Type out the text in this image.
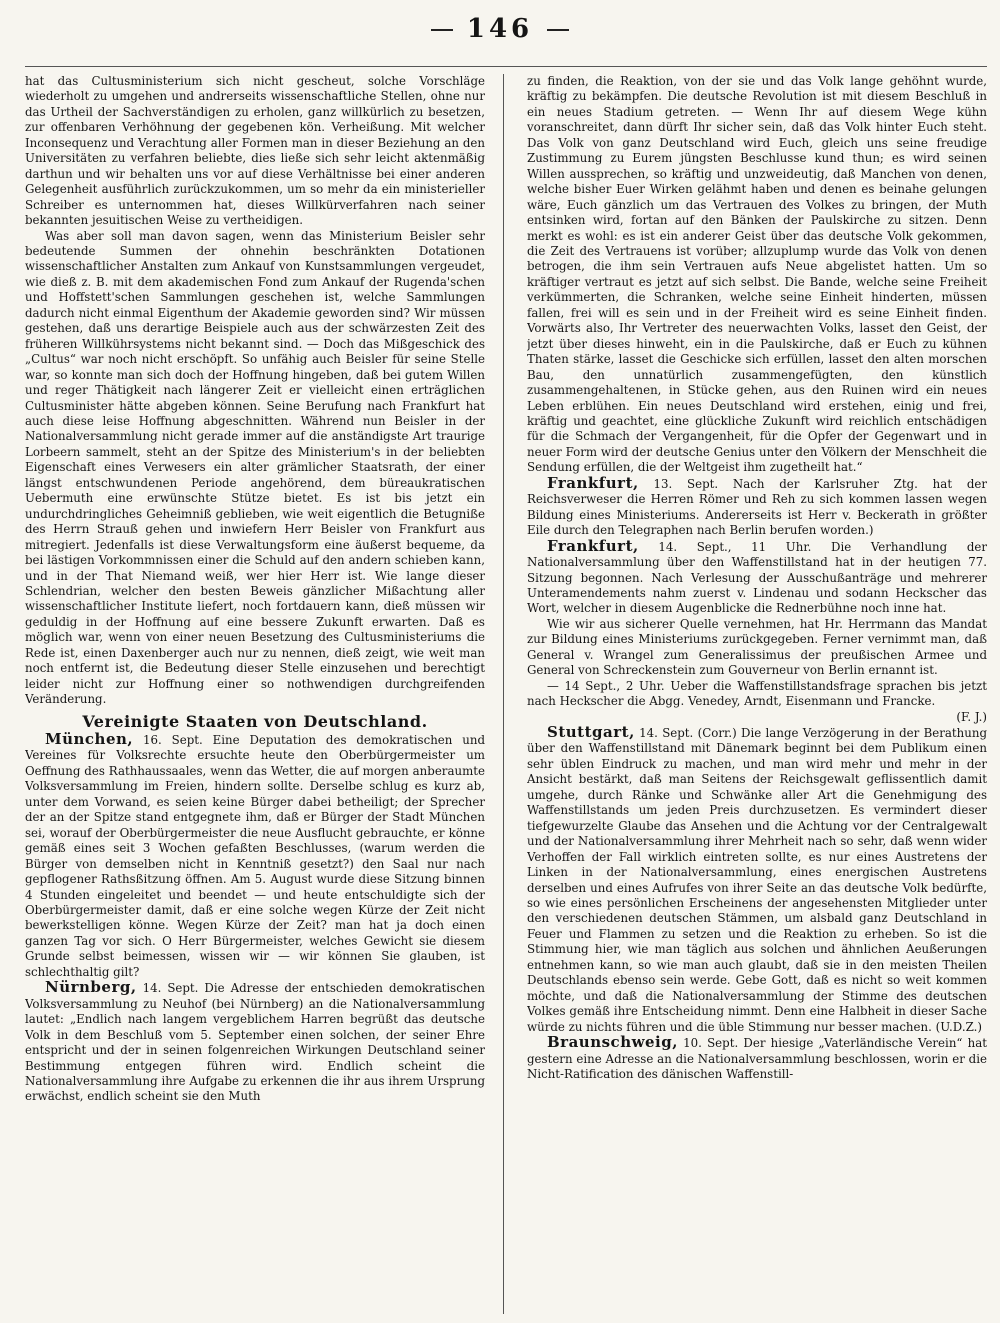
146

hat das Cultusministerium sich nicht gescheut, solche Vorschläge wiederholt zu umgehen und andrerseits wissenschaftliche Stellen, ohne nur das Urtheil der Sachverständigen zu erholen, ganz willkürlich zu besetzen, zur offenbaren Verhöhnung der gegebenen kön. Verheißung. Mit welcher Inconsequenz und Verachtung aller Formen man in dieser Beziehung an den Universitäten zu verfahren beliebte, dies ließe sich sehr leicht aktenmäßig darthun und wir behalten uns vor auf diese Verhältnisse bei einer anderen Gelegenheit ausführlich zurückzukommen, um so mehr da ein ministerieller Schreiber es unternommen hat, dieses Willkürverfahren nach seiner bekannten jesuitischen Weise zu vertheidigen.

Was aber soll man davon sagen, wenn das Ministerium Beisler sehr bedeutende Summen der ohnehin beschränkten Dotationen wissenschaftlicher Anstalten zum Ankauf von Kunstsammlungen vergeudet, wie dieß z. B. mit dem akademischen Fond zum Ankauf der Rugenda'schen und Hoffstett'schen Sammlungen geschehen ist, welche Sammlungen dadurch nicht einmal Eigenthum der Akademie geworden sind? Wir müssen gestehen, daß uns derartige Beispiele auch aus der schwärzesten Zeit des früheren Willkührsystems nicht bekannt sind. — Doch das Mißgeschick des „Cultus“ war noch nicht erschöpft. So unfähig auch Beisler für seine Stelle war, so konnte man sich doch der Hoffnung hingeben, daß bei gutem Willen und reger Thätigkeit nach längerer Zeit er vielleicht einen erträglichen Cultusminister hätte abgeben können. Seine Berufung nach Frankfurt hat auch diese leise Hoffnung abgeschnitten. Während nun Beisler in der Nationalversammlung nicht gerade immer auf die anständigste Art traurige Lorbeern sammelt, steht an der Spitze des Ministerium's in der beliebten Eigenschaft eines Verwesers ein alter grämlicher Staatsrath, der einer längst entschwundenen Periode angehörend, dem büreaukratischen Uebermuth eine erwünschte Stütze bietet. Es ist bis jetzt ein undurchdringliches Geheimniß geblieben, wie weit eigentlich die Betugniße des Herrn Strauß gehen und inwiefern Herr Beisler von Frankfurt aus mitregiert. Jedenfalls ist diese Verwaltungsform eine äußerst bequeme, da bei lästigen Vorkommnissen einer die Schuld auf den andern schieben kann, und in der That Niemand weiß, wer hier Herr ist. Wie lange dieser Schlendrian, welcher den besten Beweis gänzlicher Mißachtung aller wissenschaftlicher Institute liefert, noch fortdauern kann, dieß müssen wir geduldig in der Hoffnung auf eine bessere Zukunft erwarten. Daß es möglich war, wenn von einer neuen Besetzung des Cultusministeriums die Rede ist, einen Daxenberger auch nur zu nennen, dieß zeigt, wie weit man noch entfernt ist, die Bedeutung dieser Stelle einzusehen und berechtigt leider nicht zur Hoffnung einer so nothwendigen durchgreifenden Veränderung.

Vereinigte Staaten von Deutschland.

München, 16. Sept. Eine Deputation des demokratischen und Vereines für Volksrechte ersuchte heute den Oberbürgermeister um Oeffnung des Rathhaussaales, wenn das Wetter, die auf morgen anberaumte Volksversammlung im Freien, hindern sollte. Derselbe schlug es kurz ab, unter dem Vorwand, es seien keine Bürger dabei betheiligt; der Sprecher der an der Spitze stand entgegnete ihm, daß er Bürger der Stadt München sei, worauf der Oberbürgermeister die neue Ausflucht gebrauchte, er könne gemäß eines seit 3 Wochen gefaßten Beschlusses, (warum werden die Bürger von demselben nicht in Kenntniß gesetzt?) den Saal nur nach gepflogener Rathsßitzung öffnen. Am 5. August wurde diese Sitzung binnen 4 Stunden eingeleitet und beendet — und heute entschuldigte sich der Oberbürgermeister damit, daß er eine solche wegen Kürze der Zeit nicht bewerkstelligen könne. Wegen Kürze der Zeit? man hat ja doch einen ganzen Tag vor sich. O Herr Bürgermeister, welches Gewicht sie diesem Grunde selbst beimessen, wissen wir — wir können Sie glauben, ist schlechthaltig gilt?

Nürnberg, 14. Sept. Die Adresse der entschieden demokratischen Volksversammlung zu Neuhof (bei Nürnberg) an die Nationalversammlung lautet: „Endlich nach langem vergeblichem Harren begrüßt das deutsche Volk in dem Beschluß vom 5. September einen solchen, der seiner Ehre entspricht und der in seinen folgenreichen Wirkungen Deutschland seiner Bestimmung entgegen führen wird. Endlich scheint die Nationalversammlung ihre Aufgabe zu erkennen die ihr aus ihrem Ursprung erwächst, endlich scheint sie den Muth

zu finden, die Reaktion, von der sie und das Volk lange gehöhnt wurde, kräftig zu bekämpfen. Die deutsche Revolution ist mit diesem Beschluß in ein neues Stadium getreten. — Wenn Ihr auf diesem Wege kühn voranschreitet, dann dürft Ihr sicher sein, daß das Volk hinter Euch steht. Das Volk von ganz Deutschland wird Euch, gleich uns seine freudige Zustimmung zu Eurem jüngsten Beschlusse kund thun; es wird seinen Willen aussprechen, so kräftig und unzweideutig, daß Manchen von denen, welche bisher Euer Wirken gelähmt haben und denen es beinahe gelungen wäre, Euch gänzlich um das Vertrauen des Volkes zu bringen, der Muth entsinken wird, fortan auf den Bänken der Paulskirche zu sitzen. Denn merkt es wohl: es ist ein anderer Geist über das deutsche Volk gekommen, die Zeit des Vertrauens ist vorüber; allzuplump wurde das Volk von denen betrogen, die ihm sein Vertrauen aufs Neue abgelistet hatten. Um so kräftiger vertraut es jetzt auf sich selbst. Die Bande, welche seine Freiheit verkümmerten, die Schranken, welche seine Einheit hinderten, müssen fallen, frei will es sein und in der Freiheit wird es seine Einheit finden. Vorwärts also, Ihr Vertreter des neuerwachten Volks, lasset den Geist, der jetzt über dieses hinweht, ein in die Paulskirche, daß er Euch zu kühnen Thaten stärke, lasset die Geschicke sich erfüllen, lasset den alten morschen Bau, den unnatürlich zusammengefügten, den künstlich zusammengehaltenen, in Stücke gehen, aus den Ruinen wird ein neues Leben erblühen. Ein neues Deutschland wird erstehen, einig und frei, kräftig und geachtet, eine glückliche Zukunft wird reichlich entschädigen für die Schmach der Vergangenheit, für die Opfer der Gegenwart und in neuer Form wird der deutsche Genius unter den Völkern der Menschheit die Sendung erfüllen, die der Weltgeist ihm zugetheilt hat.“

Frankfurt, 13. Sept. Nach der Karlsruher Ztg. hat der Reichsverweser die Herren Römer und Reh zu sich kommen lassen wegen Bildung eines Ministeriums. Andererseits ist Herr v. Beckerath in größter Eile durch den Telegraphen nach Berlin berufen worden.)

Frankfurt, 14. Sept., 11 Uhr. Die Verhandlung der Nationalversammlung über den Waffenstillstand hat in der heutigen 77. Sitzung begonnen. Nach Verlesung der Ausschußanträge und mehrerer Unteramendements nahm zuerst v. Lindenau und sodann Heckscher das Wort, welcher in diesem Augenblicke die Rednerbühne noch inne hat.

Wie wir aus sicherer Quelle vernehmen, hat Hr. Herrmann das Mandat zur Bildung eines Ministeriums zurückgegeben. Ferner vernimmt man, daß General v. Wrangel zum Generalissimus der preußischen Armee und General von Schreckenstein zum Gouverneur von Berlin ernannt ist.

— 14 Sept., 2 Uhr. Ueber die Waffenstillstandsfrage sprachen bis jetzt nach Heckscher die Abgg. Venedey, Arndt, Eisenmann und Francke.

(F. J.)

Stuttgart, 14. Sept. (Corr.) Die lange Verzögerung in der Berathung über den Waffenstillstand mit Dänemark beginnt bei dem Publikum einen sehr üblen Eindruck zu machen, und man wird mehr und mehr in der Ansicht bestärkt, daß man Seitens der Reichsgewalt geflissentlich damit umgehe, durch Ränke und Schwänke aller Art die Genehmigung des Waffenstillstands um jeden Preis durchzusetzen. Es vermindert dieser tiefgewurzelte Glaube das Ansehen und die Achtung vor der Centralgewalt und der Nationalversammlung ihrer Mehrheit nach so sehr, daß wenn wider Verhoffen der Fall wirklich eintreten sollte, es nur eines Austretens der Linken in der Nationalversammlung, eines energischen Austretens derselben und eines Aufrufes von ihrer Seite an das deutsche Volk bedürfte, so wie eines persönlichen Erscheinens der angesehensten Mitglieder unter den verschiedenen deutschen Stämmen, um alsbald ganz Deutschland in Feuer und Flammen zu setzen und die Reaktion zu erheben. So ist die Stimmung hier, wie man täglich aus solchen und ähnlichen Aeußerungen entnehmen kann, so wie man auch glaubt, daß sie in den meisten Theilen Deutschlands ebenso sein werde. Gebe Gott, daß es nicht so weit kommen möchte, und daß die Nationalversammlung der Stimme des deutschen Volkes gemäß ihre Entscheidung nimmt. Denn eine Halbheit in dieser Sache würde zu nichts führen und die üble Stimmung nur besser machen. (U.D.Z.)

Braunschweig, 10. Sept. Der hiesige „Vaterländische Verein“ hat gestern eine Adresse an die Nationalversammlung beschlossen, worin er die Nicht-Ratification des dänischen Waffenstill-
